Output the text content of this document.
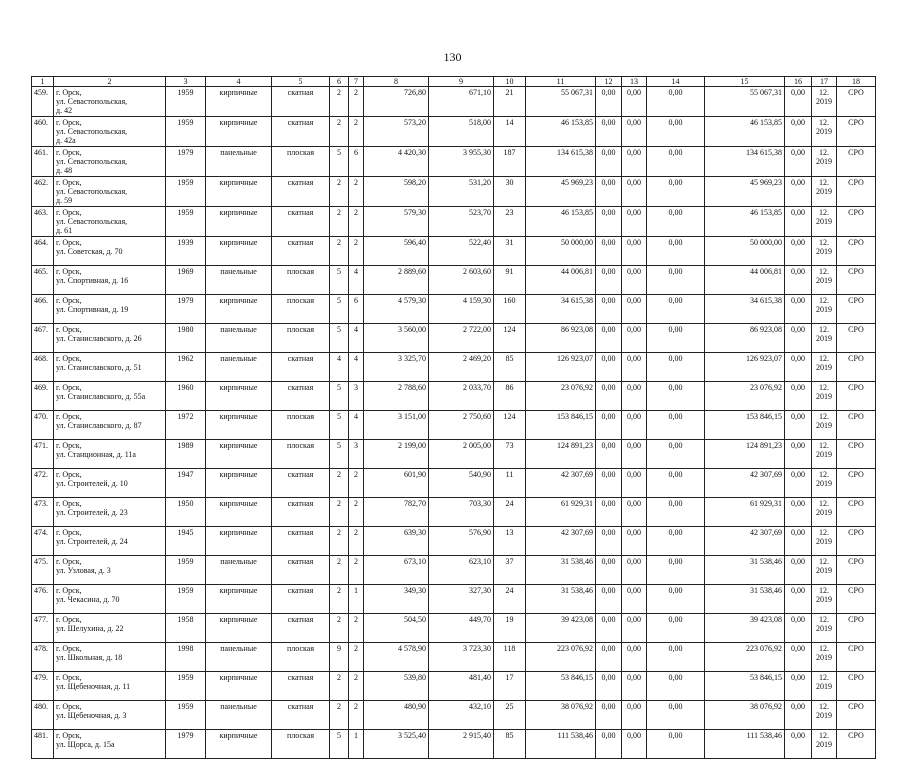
130
1	2	3	4	5	6	7	8	9	10	11	12	13	14	15	16	17	18
459.	г. Орск,
ул. Севастопольская,
д. 42	1959	кирпичные	скатная	2	2	726,80	671,10	21	55 067,31	0,00	0,00	0,00	55 067,31	0,00	12.
2019	СРО
460.	г. Орск,
ул. Севастопольская,
д. 42а	1959	кирпичные	скатная	2	2	573,20	518,00	14	46 153,85	0,00	0,00	0,00	46 153,85	0,00	12.
2019	СРО
461.	г. Орск,
ул. Севастопольская,
д. 48	1979	панельные	плоская	5	6	4 420,30	3 955,30	187	134 615,38	0,00	0,00	0,00	134 615,38	0,00	12.
2019	СРО
462.	г. Орск,
ул. Севастопольская,
д. 59	1959	кирпичные	скатная	2	2	598,20	531,20	30	45 969,23	0,00	0,00	0,00	45 969,23	0,00	12.
2019	СРО
463.	г. Орск,
ул. Севастопольская,
д. 61	1959	кирпичные	скатная	2	2	579,30	523,70	23	46 153,85	0,00	0,00	0,00	46 153,85	0,00	12.
2019	СРО
464.	г. Орск,
ул. Советская, д. 70	1939	кирпичные	скатная	2	2	596,40	522,40	31	50 000,00	0,00	0,00	0,00	50 000,00	0,00	12.
2019	СРО
465.	г. Орск,
ул. Спортивная, д. 16	1969	панельные	плоская	5	4	2 889,60	2 603,60	91	44 006,81	0,00	0,00	0,00	44 006,81	0,00	12.
2019	СРО
466.	г. Орск,
ул. Спортивная, д. 19	1979	кирпичные	плоская	5	6	4 579,30	4 159,30	160	34 615,38	0,00	0,00	0,00	34 615,38	0,00	12.
2019	СРО
467.	г. Орск,
ул. Станиславского, д. 26	1980	панельные	плоская	5	4	3 560,00	2 722,00	124	86 923,08	0,00	0,00	0,00	86 923,08	0,00	12.
2019	СРО
468.	г. Орск,
ул. Станиславского, д. 51	1962	панельные	скатная	4	4	3 325,70	2 469,20	85	126 923,07	0,00	0,00	0,00	126 923,07	0,00	12.
2019	СРО
469.	г. Орск,
ул. Станиславского, д. 55а	1960	кирпичные	скатная	5	3	2 788,60	2 033,70	86	23 076,92	0,00	0,00	0,00	23 076,92	0,00	12.
2019	СРО
470.	г. Орск,
ул. Станиславского, д. 87	1972	кирпичные	плоская	5	4	3 151,00	2 750,60	124	153 846,15	0,00	0,00	0,00	153 846,15	0,00	12.
2019	СРО
471.	г. Орск,
ул. Станционная, д. 11а	1989	кирпичные	плоская	5	3	2 199,00	2 005,00	73	124 891,23	0,00	0,00	0,00	124 891,23	0,00	12.
2019	СРО
472.	г. Орск,
ул. Строителей, д. 10	1947	кирпичные	скатная	2	2	601,90	540,90	11	42 307,69	0,00	0,00	0,00	42 307,69	0,00	12.
2019	СРО
473.	г. Орск,
ул. Строителей, д. 23	1950	кирпичные	скатная	2	2	782,70	703,30	24	61 929,31	0,00	0,00	0,00	61 929,31	0,00	12.
2019	СРО
474.	г. Орск,
ул. Строителей, д. 24	1945	кирпичные	скатная	2	2	639,30	576,90	13	42 307,69	0,00	0,00	0,00	42 307,69	0,00	12.
2019	СРО
475.	г. Орск,
ул. Узловая, д. 3	1959	панельные	скатная	2	2	673,10	623,10	37	31 538,46	0,00	0,00	0,00	31 538,46	0,00	12.
2019	СРО
476.	г. Орск,
ул. Чекасина, д. 70	1959	кирпичные	скатная	2	1	349,30	327,30	24	31 538,46	0,00	0,00	0,00	31 538,46	0,00	12.
2019	СРО
477.	г. Орск,
ул. Шелухина, д. 22	1958	кирпичные	скатная	2	2	504,50	449,70	19	39 423,08	0,00	0,00	0,00	39 423,08	0,00	12.
2019	СРО
478.	г. Орск,
ул. Школьная, д. 18	1998	панельные	плоская	9	2	4 578,90	3 723,30	118	223 076,92	0,00	0,00	0,00	223 076,92	0,00	12.
2019	СРО
479.	г. Орск,
ул. Щебеночная, д. 11	1959	кирпичные	скатная	2	2	539,80	481,40	17	53 846,15	0,00	0,00	0,00	53 846,15	0,00	12.
2019	СРО
480.	г. Орск,
ул. Щебеночная, д. 3	1959	панельные	скатная	2	2	480,90	432,10	25	38 076,92	0,00	0,00	0,00	38 076,92	0,00	12.
2019	СРО
481.	г. Орск,
ул. Щорса, д. 15а	1979	кирпичные	плоская	5	1	3 525,40	2 915,40	85	111 538,46	0,00	0,00	0,00	111 538,46	0,00	12.
2019	СРО
